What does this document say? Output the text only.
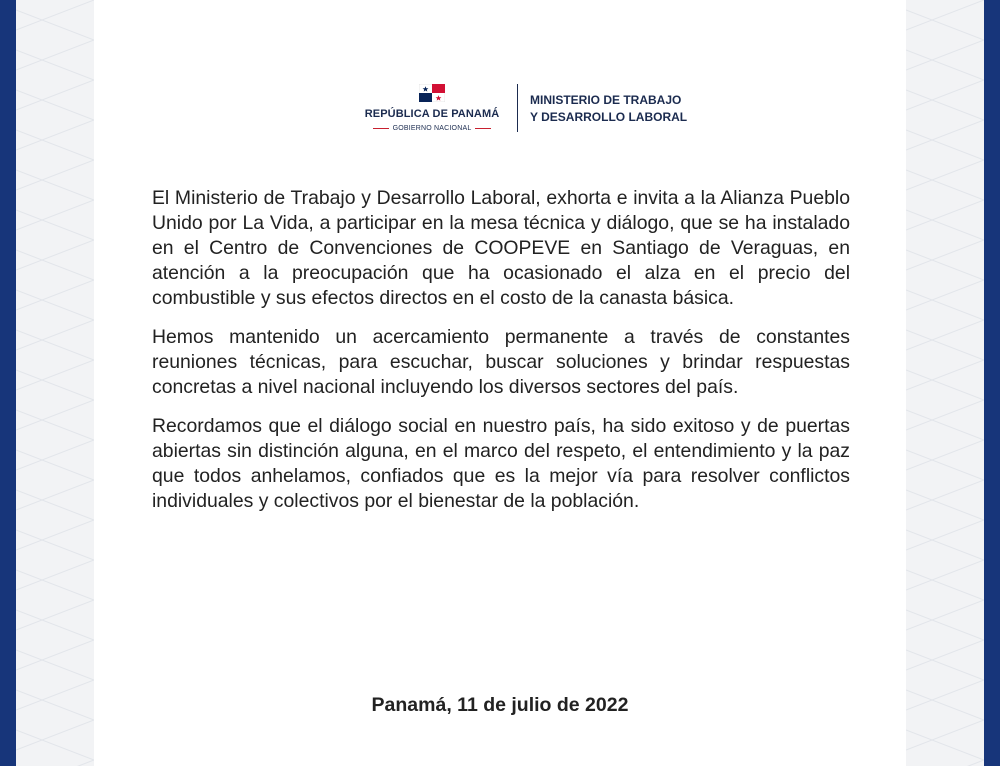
REPÚBLICA DE PANAMÁ
GOBIERNO NACIONAL
MINISTERIO DE TRABAJO
Y DESARROLLO LABORAL

El Ministerio de Trabajo y Desarrollo Laboral, exhorta e invita a la Alianza Pueblo Unido por La Vida, a participar en la mesa técnica y diálogo, que se ha instalado en el Centro de Convenciones de COOPEVE en Santiago de Veraguas, en atención a la preocupación que ha ocasionado el alza en el precio del combustible y sus efectos directos en el costo de la canasta básica.

Hemos mantenido un acercamiento permanente a través de constantes reuniones técnicas, para escuchar, buscar soluciones y brindar respuestas concretas a nivel nacional incluyendo los diversos sectores del país.

Recordamos que el diálogo social en nuestro país, ha sido exitoso y de puertas abiertas sin distinción alguna, en el marco del respeto, el entendimiento y la paz que todos anhelamos, confiados que es la mejor vía para resolver conflictos individuales y colectivos por el bienestar de la población.

Panamá, 11 de julio de 2022
